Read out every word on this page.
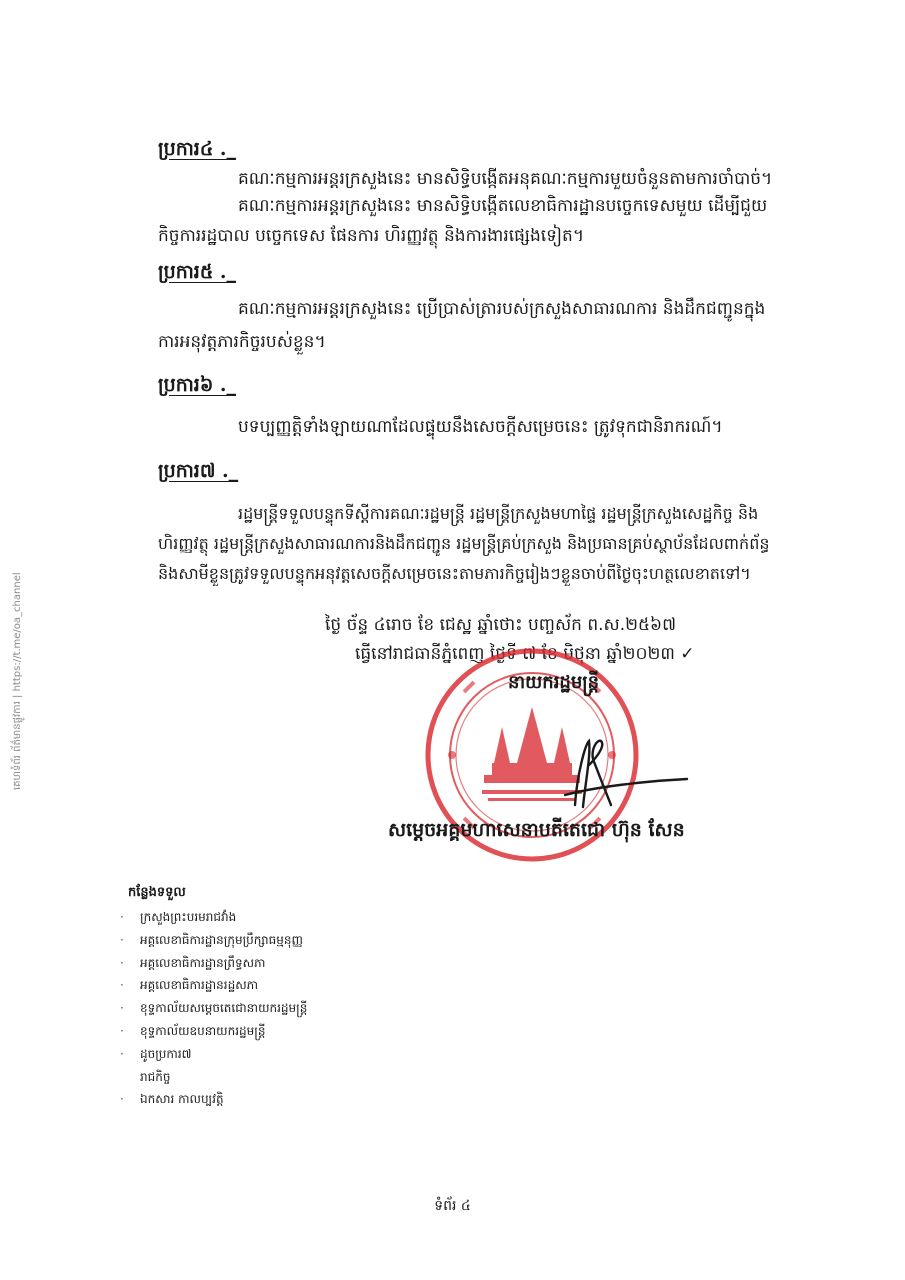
គេហទំព័រ ព័ត៌មានផ្លូវការ | https://t.me/oa_channel
ប្រការ៤ ._
គណៈកម្មការអន្តរក្រសួងនេះ មានសិទ្ធិបង្កើតអនុគណៈកម្មការមួយចំនួនតាមការចាំបាច់។
គណៈកម្មការអន្តរក្រសួងនេះ មានសិទ្ធិបង្កើតលេខាធិការដ្ឋានបច្ចេកទេសមួយ ដើម្បីជួយ
កិច្ចការរដ្ឋបាល បច្ចេកទេស ផែនការ ហិរញ្ញវត្ថុ និងការងារផ្សេងទៀត។
ប្រការ៥ ._
គណៈកម្មការអន្តរក្រសួងនេះ ប្រើប្រាស់ត្រារបស់ក្រសួងសាធារណការ និងដឹកជញ្ជូនក្នុង
ការអនុវត្តភារកិច្ចរបស់ខ្លួន។
ប្រការ៦ ._
បទប្បញ្ញត្តិទាំងឡាយណាដែលផ្ទុយនឹងសេចក្តីសម្រេចនេះ ត្រូវទុកជានិរាករណ៍។
ប្រការ៧ ._
រដ្ឋមន្ត្រីទទួលបន្ទុកទីស្តីការគណៈរដ្ឋមន្ត្រី រដ្ឋមន្ត្រីក្រសួងមហាផ្ទៃ រដ្ឋមន្ត្រីក្រសួងសេដ្ឋកិច្ច និង
ហិរញ្ញវត្ថុ រដ្ឋមន្ត្រីក្រសួងសាធារណការនិងដឹកជញ្ជូន រដ្ឋមន្ត្រីគ្រប់ក្រសួង និងប្រធានគ្រប់ស្ថាប័នដែលពាក់ព័ន្ធ
និងសាមីខ្លួនត្រូវទទួលបន្ទុកអនុវត្តសេចក្តីសម្រេចនេះតាមភារកិច្ចរៀងៗខ្លួនចាប់ពីថ្ងៃចុះហត្ថលេខាតទៅ។
ថ្ងៃ ច័ន្ទ ៤រោច ខែ ជេស្ឋ ឆ្នាំថោះ បញ្ចស័ក ព.ស.២៥៦៧
ធ្វើនៅរាជធានីភ្នំពេញ ថ្ងៃទី ៧ ខែ មិថុនា ឆ្នាំ២០២៣ ✓
នាយករដ្ឋមន្ត្រី
សម្តេចអគ្គមហាសេនាបតីតេជោ ហ៊ុន សែន
កន្លែងទទួល
· ក្រសួងព្រះបរមរាជវាំង
· អគ្គលេខាធិការដ្ឋានក្រុមប្រឹក្សាធម្មនុញ្ញ
· អគ្គលេខាធិការដ្ឋានព្រឹទ្ធសភា
· អគ្គលេខាធិការដ្ឋានរដ្ឋសភា
· ខុទ្ទកាល័យសម្តេចតេជោនាយករដ្ឋមន្ត្រី
· ខុទ្ទកាល័យឧបនាយករដ្ឋមន្ត្រី
· ដូចប្រការ៧
រាជកិច្ច
· ឯកសារ កាលប្បវត្តិ
ទំព័រ ៤
